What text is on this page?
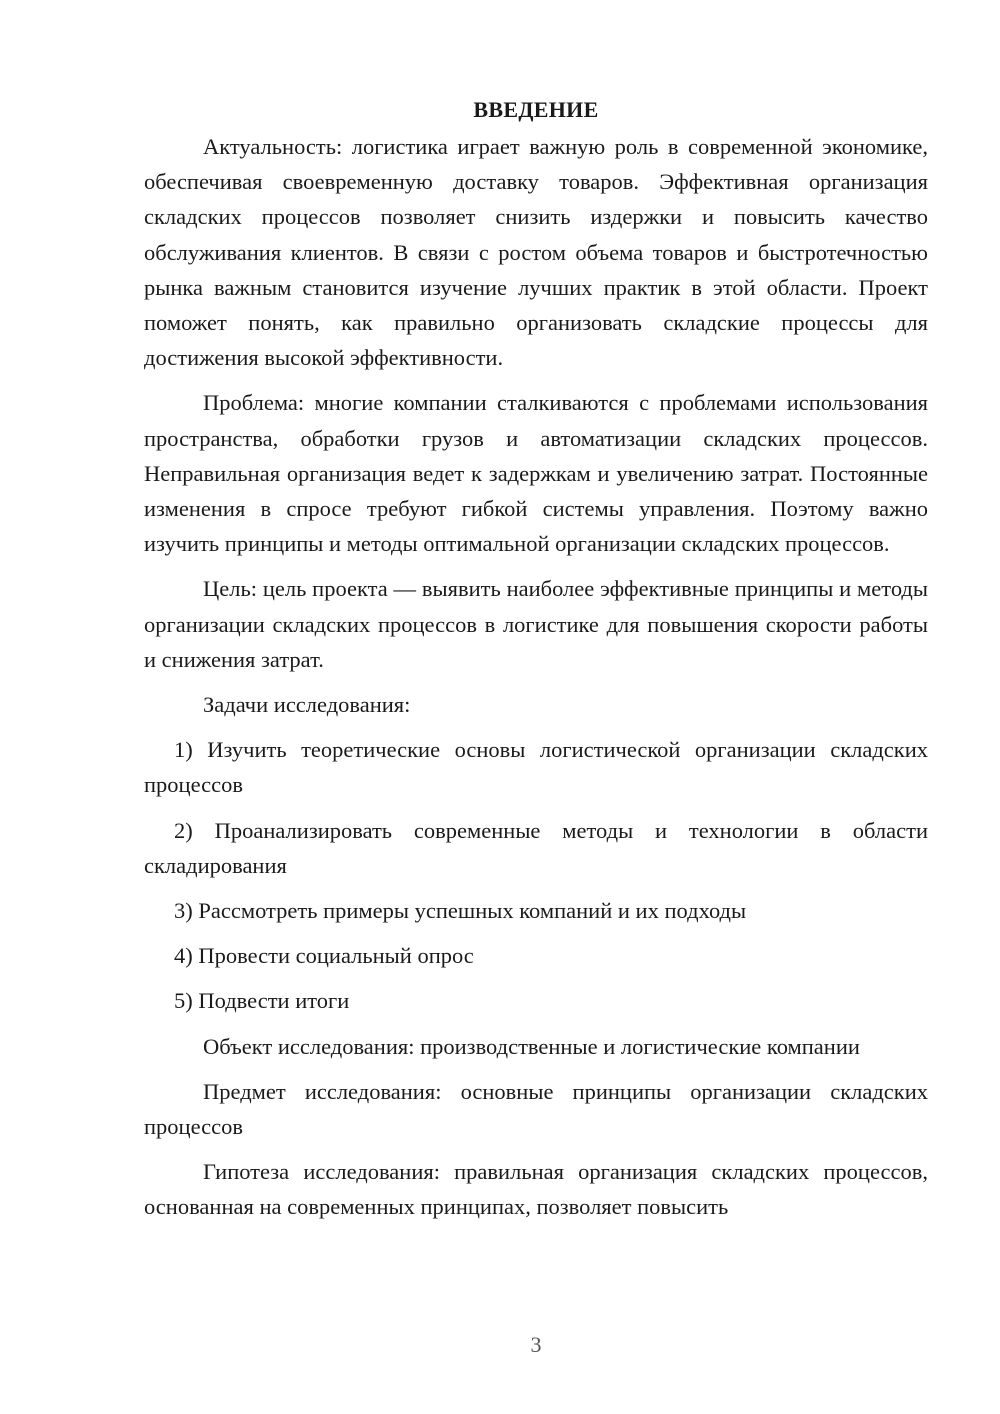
ВВЕДЕНИЕ

Актуальность: логистика играет важную роль в современной экономике, обеспечивая своевременную доставку товаров. Эффективная организация складских процессов позволяет снизить издержки и повысить качество обслуживания клиентов. В связи с ростом объема товаров и быстротечностью рынка важным становится изучение лучших практик в этой области. Проект поможет понять, как правильно организовать складские процессы для достижения высокой эффективности.

Проблема: многие компании сталкиваются с проблемами использования пространства, обработки грузов и автоматизации складских процессов. Неправильная организация ведет к задержкам и увеличению затрат. Постоянные изменения в спросе требуют гибкой системы управления. Поэтому важно изучить принципы и методы оптимальной организации складских процессов.

Цель: цель проекта — выявить наиболее эффективные принципы и методы организации складских процессов в логистике для повышения скорости работы и снижения затрат.

Задачи исследования:

1) Изучить теоретические основы логистической организации складских процессов

2) Проанализировать современные методы и технологии в области складирования

3) Рассмотреть примеры успешных компаний и их подходы

4) Провести социальный опрос

5) Подвести итоги

Объект исследования: производственные и логистические компании

Предмет исследования: основные принципы организации складских процессов

Гипотеза исследования: правильная организация складских процессов, основанная на современных принципах, позволяет повысить

3
